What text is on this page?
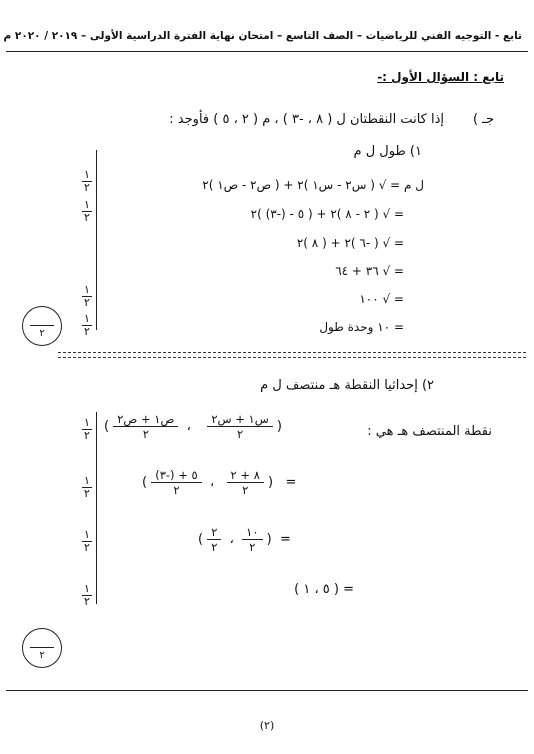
تابع - التوجيه الفني للرياضيات – الصف التاسع – امتحان نهاية الفترة الدراسية الأولى – ٢٠١٩ / ٢٠٢٠ م
تابع : السؤال الأول :-
جـ )
إذا كانت النقطتان ل ( ٨ ، -٣ ) ، م ( ٢ ، ٥ ) فأوجد :
١) طول ل م
ل م = √ ( س٢ - س١ )٢ + ( ص٢ - ص١ )٢
= √ ( ٢ - ٨ )٢ + ( ٥ - (-٣) )٢
= √ ( -٦ )٢ + ( ٨ )٢
= √ ٣٦ + ٦٤
= √ ١٠٠
= ١٠ وحدة طول
١
٢
١
٢
١
٢
١
٢
٢
٢) إحداثيا النقطة هـ منتصف ل م
نقطة المنتصف هـ هي :
( $\frac{\text{ص١ + ص٢}}{٢}$ ، $\frac{\text{س١ + س٢}}{٢}$ )
( $\frac{٥ + (-٣)}{٢}$ ، $\frac{٨ + ٢}{٢}$ )   =
( $\frac{٢}{٢}$ ، $\frac{١٠}{٢}$ )  =
= ( ٥ ، ١ )
١
٢
١
٢
١
٢
١
٢
٢
(٢)
